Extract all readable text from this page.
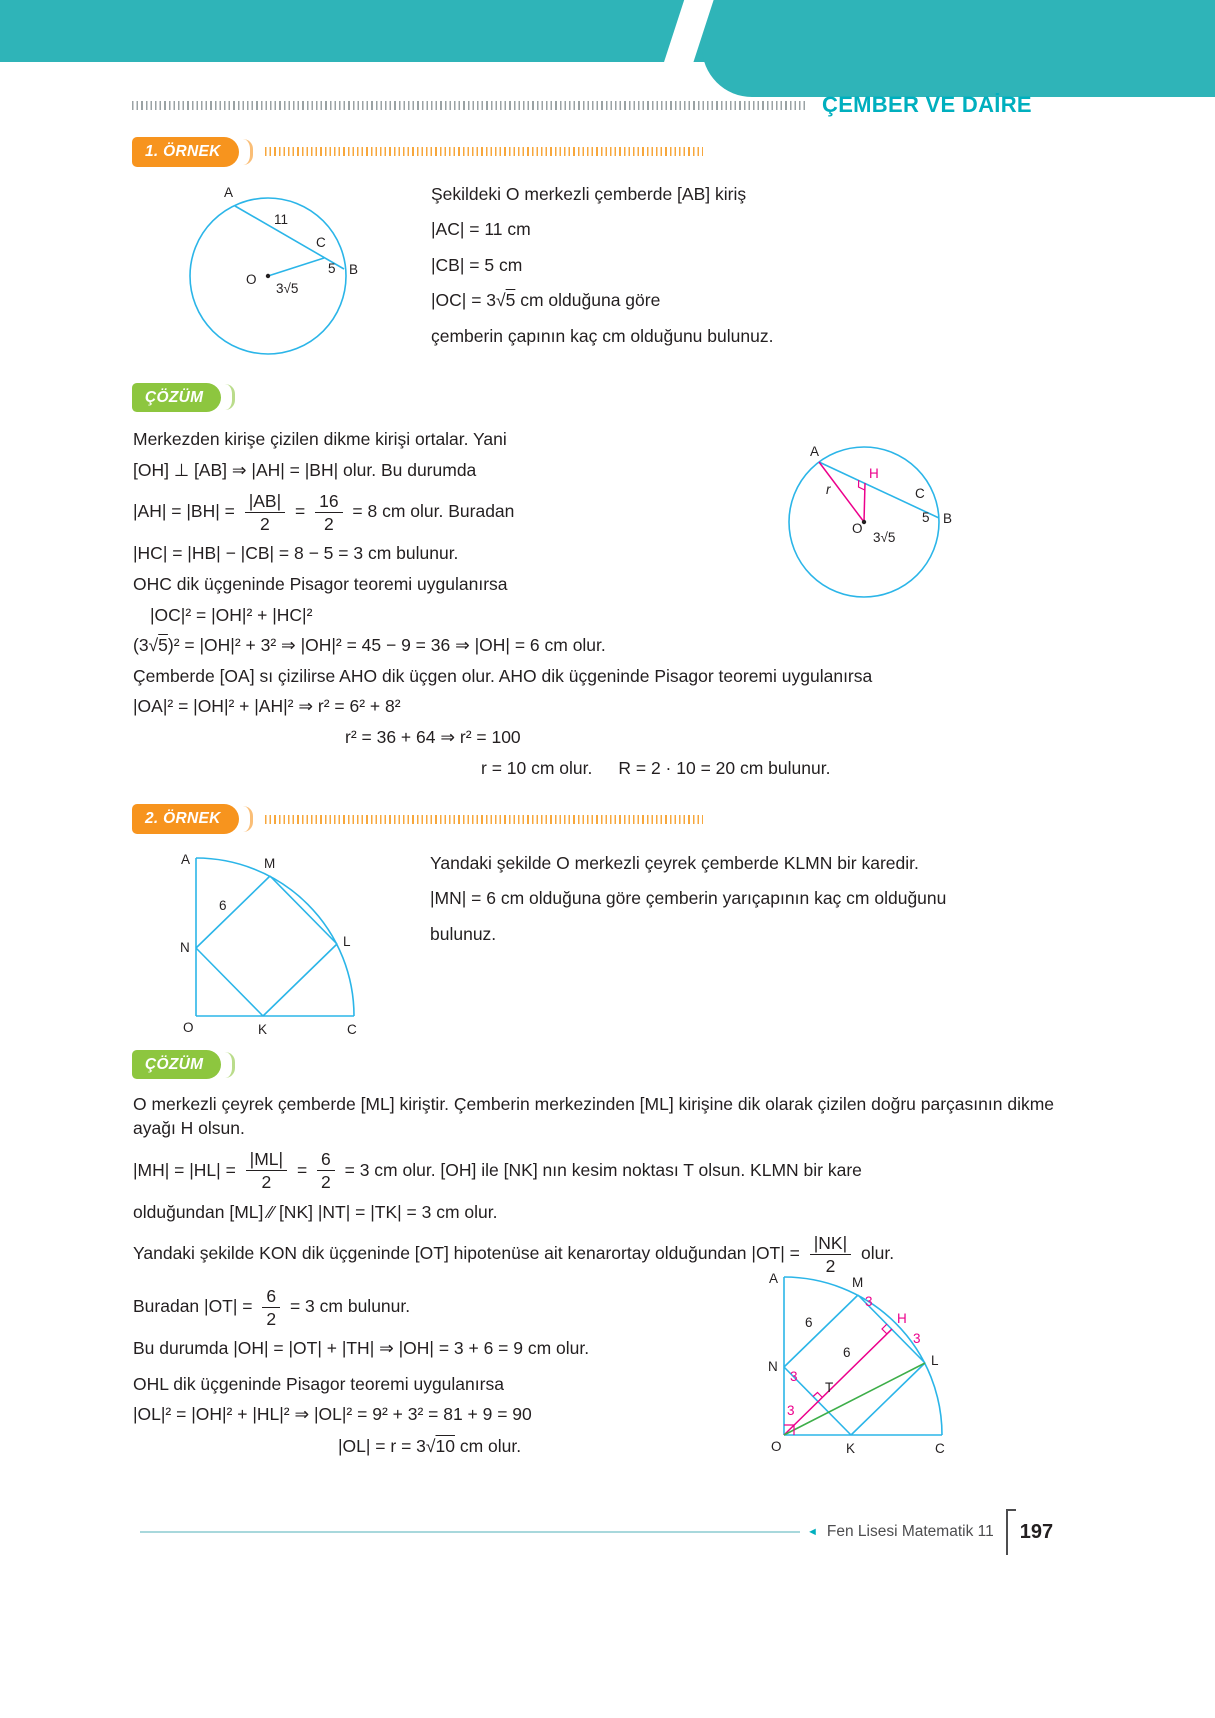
ÇEMBER VE DAİRE
1. ÖRNEK
A
11
C
5 B
O
3√5
Şekildeki O merkezli çemberde [AB] kiriş
|AC| = 11 cm
|CB| = 5 cm
|OC| = 3√5 cm olduğuna göre
çemberin çapının kaç cm olduğunu bulunuz.
ÇÖZÜM
A
H
r	C
5 B
O
3√5
Merkezden kirişe çizilen dikme kirişi ortalar. Yani
[OH] ⊥ [AB] ⇒ |AH| = |BH| olur. Bu durumda
$|AH| = |BH| = \frac{|AB|}{2} = \frac{16}{2} = 8$ cm olur. Buradan
|HC| = |HB| − |CB| = 8 − 5 = 3 cm bulunur.
OHC dik üçgeninde Pisagor teoremi uygulanırsa
|OC|² = |OH|² + |HC|²
(3√5)² = |OH|² + 3² ⇒ |OH|² = 45 − 9 = 36 ⇒ |OH| = 6 cm olur.
Çemberde [OA] sı çizilirse AHO dik üçgen olur. AHO dik üçgeninde Pisagor teoremi uygulanırsa
|OA|² = |OH|² + |AH|² ⇒ r² = 6² + 8²
r² = 36 + 64 ⇒ r² = 100
r = 10 cm olur. R = 2 · 10 = 20 cm bulunur.
2. ÖRNEK
A	M
6
N	L
O	K	C
Yandaki şekilde O merkezli çeyrek çemberde KLMN bir karedir.
|MN| = 6 cm olduğuna göre çemberin yarıçapının kaç cm olduğunu
bulunuz.
ÇÖZÜM
A	M
H
3
3
6
6
3
3
T
N	L
O	K	C
O merkezli çeyrek çemberde [ML] kiriştir. Çemberin merkezinden [ML] kirişine dik olarak çizilen doğru parçasının dikme ayağı H olsun.
$|MH| = |HL| = \frac{|ML|}{2} = \frac{6}{2} = 3$ cm olur. [OH] ile [NK] nın kesim noktası T olsun. KLMN bir kare
olduğundan [ML] ∕∕ [NK] |NT| = |TK| = 3 cm olur.
Yandaki şekilde KON dik üçgeninde [OT] hipotenüse ait kenarortay olduğundan $|OT| = \frac{|NK|}{2}$ olur.
Buradan $|OT| = \frac{6}{2} = 3$ cm bulunur.
Bu durumda |OH| = |OT| + |TH| ⇒ |OH| = 3 + 6 = 9 cm olur.
OHL dik üçgeninde Pisagor teoremi uygulanırsa
|OL|² = |OH|² + |HL|² ⇒ |OL|² = 9² + 3² = 81 + 9 = 90
|OL| = r = 3√10 cm olur.
◄ Fen Lisesi Matematik 11 197
